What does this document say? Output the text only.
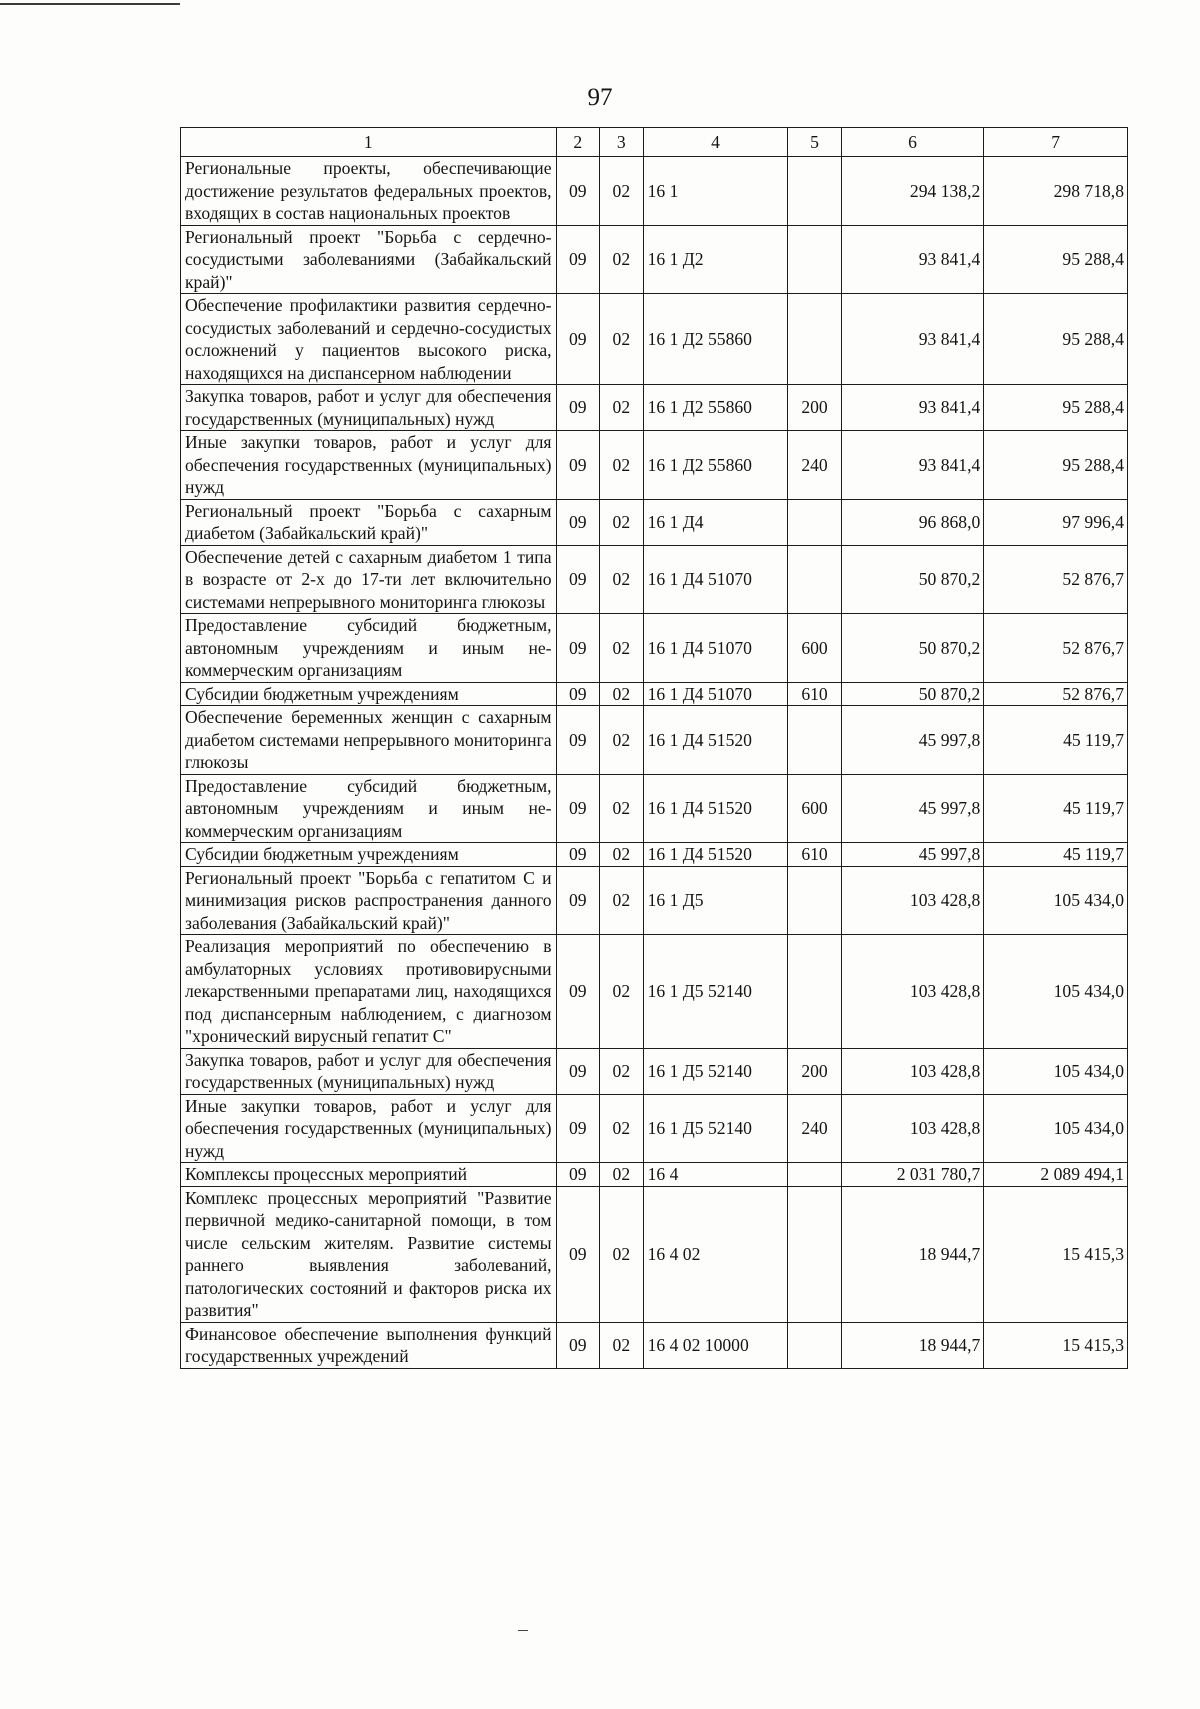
97
1	2	3	4	5	6	7
Региональные проекты, обеспечивающие достижение результатов федеральных проектов, входящих в состав национальных проектов	09	02	16 1		294 138,2	298 718,8
Региональный проект "Борьба с сердечно-сосудистыми заболеваниями (Забайкальский край)"	09	02	16 1 Д2		93 841,4	95 288,4
Обеспечение профилактики развития сердечно-сосудистых заболеваний и сердечно-сосудистых осложнений у пациентов высокого риска, находящихся на диспансерном наблюдении	09	02	16 1 Д2 55860		93 841,4	95 288,4
Закупка товаров, работ и услуг для обеспечения государственных (муниципальных) нужд	09	02	16 1 Д2 55860	200	93 841,4	95 288,4
Иные закупки товаров, работ и услуг для обеспечения государственных (муниципальных) нужд	09	02	16 1 Д2 55860	240	93 841,4	95 288,4
Региональный проект "Борьба с сахарным диабетом (Забайкальский край)"	09	02	16 1 Д4		96 868,0	97 996,4
Обеспечение детей с сахарным диабетом 1 типа в возрасте от 2-х до 17-ти лет включительно системами непрерывного мониторинга глюкозы	09	02	16 1 Д4 51070		50 870,2	52 876,7
Предоставление субсидий бюджетным, автономным учреждениям и иным некоммерческим организациям	09	02	16 1 Д4 51070	600	50 870,2	52 876,7
Субсидии бюджетным учреждениям	09	02	16 1 Д4 51070	610	50 870,2	52 876,7
Обеспечение беременных женщин с сахарным диабетом системами непрерывного мониторинга глюкозы	09	02	16 1 Д4 51520		45 997,8	45 119,7
Предоставление субсидий бюджетным, автономным учреждениям и иным некоммерческим организациям	09	02	16 1 Д4 51520	600	45 997,8	45 119,7
Субсидии бюджетным учреждениям	09	02	16 1 Д4 51520	610	45 997,8	45 119,7
Региональный проект "Борьба с гепатитом С и минимизация рисков распространения данного заболевания (Забайкальский край)"	09	02	16 1 Д5		103 428,8	105 434,0
Реализация мероприятий по обеспечению в амбулаторных условиях противовирусными лекарственными препаратами лиц, находящихся под диспансерным наблюдением, с диагнозом "хронический вирусный гепатит С"	09	02	16 1 Д5 52140		103 428,8	105 434,0
Закупка товаров, работ и услуг для обеспечения государственных (муниципальных) нужд	09	02	16 1 Д5 52140	200	103 428,8	105 434,0
Иные закупки товаров, работ и услуг для обеспечения государственных (муниципальных) нужд	09	02	16 1 Д5 52140	240	103 428,8	105 434,0
Комплексы процессных мероприятий	09	02	16 4		2 031 780,7	2 089 494,1
Комплекс процессных мероприятий "Развитие первичной медико-санитарной помощи, в том числе сельским жителям. Развитие системы раннего выявления заболеваний, патологических состояний и факторов риска их развития"	09	02	16 4 02		18 944,7	15 415,3
Финансовое обеспечение выполнения функций государственных учреждений	09	02	16 4 02 10000		18 944,7	15 415,3
